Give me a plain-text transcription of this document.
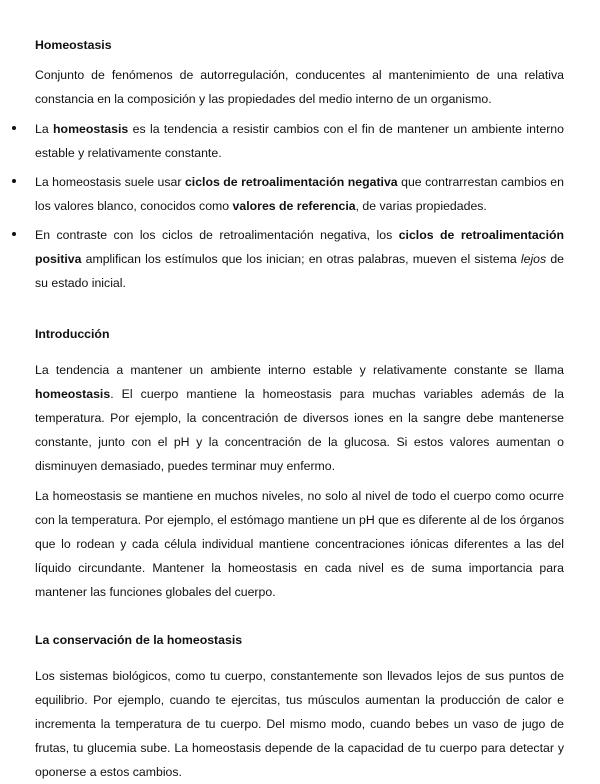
Homeostasis

Conjunto de fenómenos de autorregulación, conducentes al mantenimiento de una relativa constancia en la composición y las propiedades del medio interno de un organismo.

La homeostasis es la tendencia a resistir cambios con el fin de mantener un ambiente interno estable y relativamente constante.
La homeostasis suele usar ciclos de retroalimentación negativa que contrarrestan cambios en los valores blanco, conocidos como valores de referencia, de varias propiedades.
En contraste con los ciclos de retroalimentación negativa, los ciclos de retroalimentación positiva amplifican los estímulos que los inician; en otras palabras, mueven el sistema lejos de su estado inicial.
Introducción

La tendencia a mantener un ambiente interno estable y relativamente constante se llama homeostasis. El cuerpo mantiene la homeostasis para muchas variables además de la temperatura. Por ejemplo, la concentración de diversos iones en la sangre debe mantenerse constante, junto con el pH y la concentración de la glucosa. Si estos valores aumentan o disminuyen demasiado, puedes terminar muy enfermo.

La homeostasis se mantiene en muchos niveles, no solo al nivel de todo el cuerpo como ocurre con la temperatura. Por ejemplo, el estómago mantiene un pH que es diferente al de los órganos que lo rodean y cada célula individual mantiene concentraciones iónicas diferentes a las del líquido circundante. Mantener la homeostasis en cada nivel es de suma importancia para mantener las funciones globales del cuerpo.

La conservación de la homeostasis

Los sistemas biológicos, como tu cuerpo, constantemente son llevados lejos de sus puntos de equilibrio. Por ejemplo, cuando te ejercitas, tus músculos aumentan la producción de calor e incrementa la temperatura de tu cuerpo. Del mismo modo, cuando bebes un vaso de jugo de frutas, tu glucemia sube. La homeostasis depende de la capacidad de tu cuerpo para detectar y oponerse a estos cambios.
